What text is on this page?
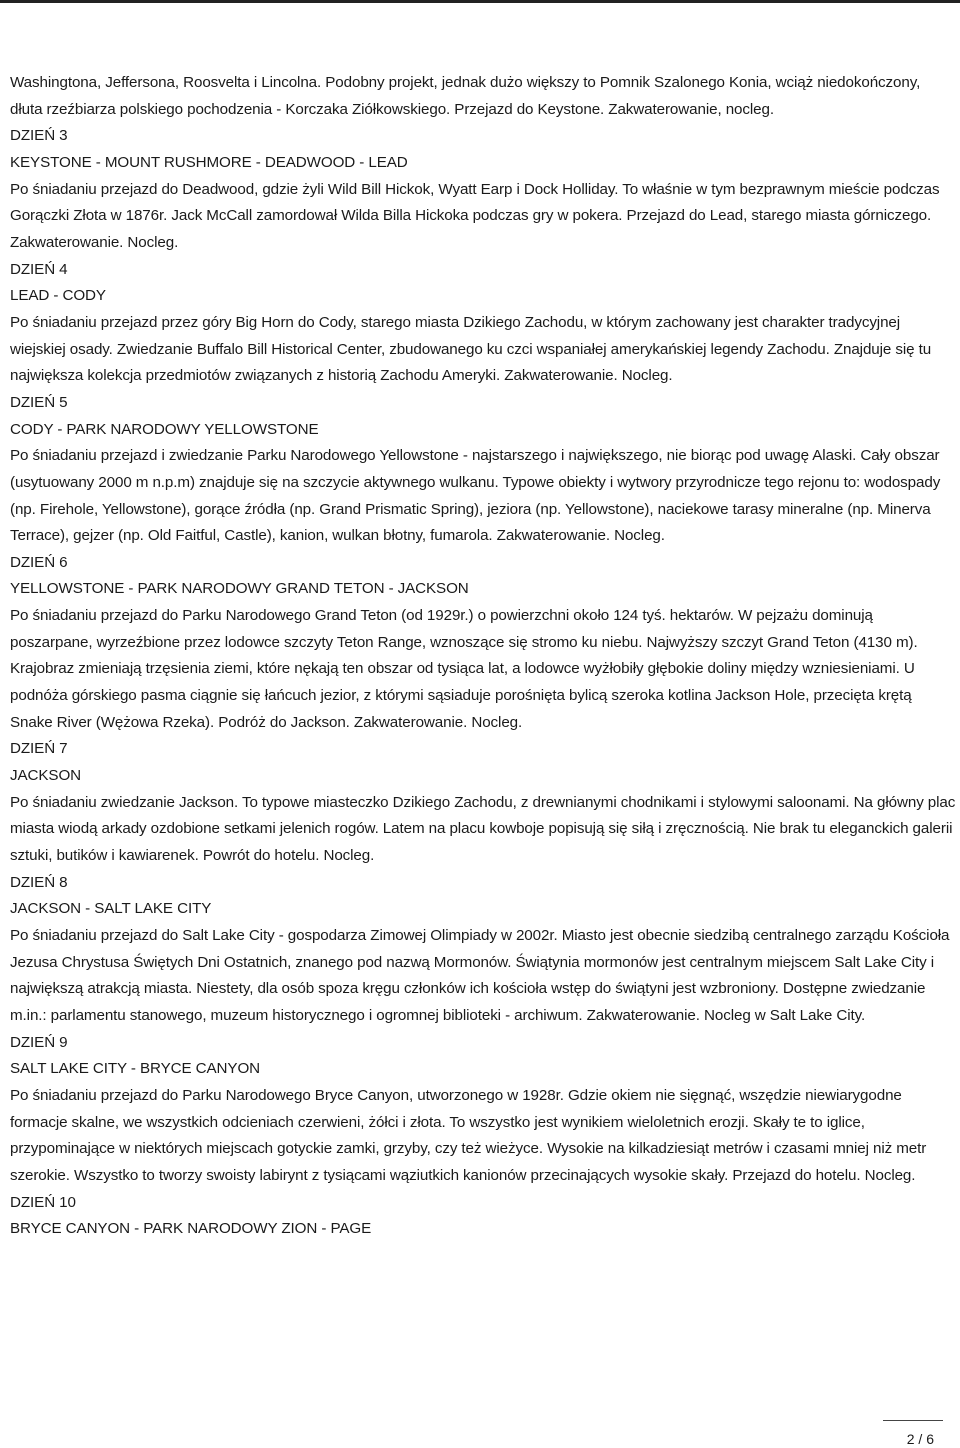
Washingtona, Jeffersona, Roosvelta i Lincolna. Podobny projekt, jednak dużo większy to Pomnik Szalonego Konia, wciąż niedokończony, dłuta rzeźbiarza polskiego pochodzenia - Korczaka Ziółkowskiego. Przejazd do Keystone. Zakwaterowanie, nocleg.

DZIEŃ 3

KEYSTONE - MOUNT RUSHMORE - DEADWOOD - LEAD

Po śniadaniu przejazd do Deadwood, gdzie żyli Wild Bill Hickok, Wyatt Earp i Dock Holliday. To właśnie w tym bezprawnym mieście podczas Gorączki Złota w 1876r. Jack McCall zamordował Wilda Billa Hickoka podczas gry w pokera. Przejazd do Lead, starego miasta górniczego. Zakwaterowanie. Nocleg.

DZIEŃ 4

LEAD - CODY

Po śniadaniu przejazd przez góry Big Horn do Cody, starego miasta Dzikiego Zachodu, w którym zachowany jest charakter tradycyjnej wiejskiej osady. Zwiedzanie Buffalo Bill Historical Center, zbudowanego ku czci wspaniałej amerykańskiej legendy Zachodu. Znajduje się tu największa kolekcja przedmiotów związanych z historią Zachodu Ameryki. Zakwaterowanie. Nocleg.

DZIEŃ 5

CODY - PARK NARODOWY YELLOWSTONE

Po śniadaniu przejazd i zwiedzanie Parku Narodowego Yellowstone - najstarszego i największego, nie biorąc pod uwagę Alaski. Cały obszar (usytuowany 2000 m n.p.m) znajduje się na szczycie aktywnego wulkanu. Typowe obiekty i wytwory przyrodnicze tego rejonu to: wodospady (np. Firehole, Yellowstone), gorące źródła (np. Grand Prismatic Spring), jeziora (np. Yellowstone), naciekowe tarasy mineralne (np. Minerva Terrace), gejzer (np. Old Faitful, Castle), kanion, wulkan błotny, fumarola. Zakwaterowanie. Nocleg.

DZIEŃ 6

YELLOWSTONE - PARK NARODOWY GRAND TETON - JACKSON

Po śniadaniu przejazd do Parku Narodowego Grand Teton (od 1929r.) o powierzchni około 124 tyś. hektarów. W pejzażu dominują poszarpane, wyrzeźbione przez lodowce szczyty Teton Range, wznoszące się stromo ku niebu. Najwyższy szczyt Grand Teton (4130 m). Krajobraz zmieniają trzęsienia ziemi, które nękają ten obszar od tysiąca lat, a lodowce wyżłobiły głębokie doliny między wzniesieniami. U podnóża górskiego pasma ciągnie się łańcuch jezior, z którymi sąsiaduje porośnięta bylicą szeroka kotlina Jackson Hole, przecięta krętą Snake River (Wężowa Rzeka). Podróż do Jackson. Zakwaterowanie. Nocleg.

DZIEŃ 7

JACKSON

Po śniadaniu zwiedzanie Jackson. To typowe miasteczko Dzikiego Zachodu, z drewnianymi chodnikami i stylowymi saloonami. Na główny plac miasta wiodą arkady ozdobione setkami jelenich rogów. Latem na placu kowboje popisują się siłą i zręcznością. Nie brak tu eleganckich galerii sztuki, butików i kawiarenek. Powrót do hotelu. Nocleg.

DZIEŃ 8

JACKSON - SALT LAKE CITY

Po śniadaniu przejazd do Salt Lake City - gospodarza Zimowej Olimpiady w 2002r. Miasto jest obecnie siedzibą centralnego zarządu Kościoła Jezusa Chrystusa Świętych Dni Ostatnich, znanego pod nazwą Mormonów. Świątynia mormonów jest centralnym miejscem Salt Lake City i największą atrakcją miasta. Niestety, dla osób spoza kręgu członków ich kościoła wstęp do świątyni jest wzbroniony. Dostępne zwiedzanie m.in.: parlamentu stanowego, muzeum historycznego i ogromnej biblioteki - archiwum. Zakwaterowanie. Nocleg w Salt Lake City.

DZIEŃ 9

SALT LAKE CITY - BRYCE CANYON

Po śniadaniu przejazd do Parku Narodowego Bryce Canyon, utworzonego w 1928r. Gdzie okiem nie sięgnąć, wszędzie niewiarygodne formacje skalne, we wszystkich odcieniach czerwieni, żółci i złota. To wszystko jest wynikiem wieloletnich erozji. Skały te to iglice, przypominające w niektórych miejscach gotyckie zamki, grzyby, czy też wieżyce. Wysokie na kilkadziesiąt metrów i czasami mniej niż metr szerokie. Wszystko to tworzy swoisty labirynt z tysiącami wąziutkich kanionów przecinających wysokie skały. Przejazd do hotelu. Nocleg.

DZIEŃ 10

BRYCE CANYON - PARK NARODOWY ZION - PAGE

2 / 6
